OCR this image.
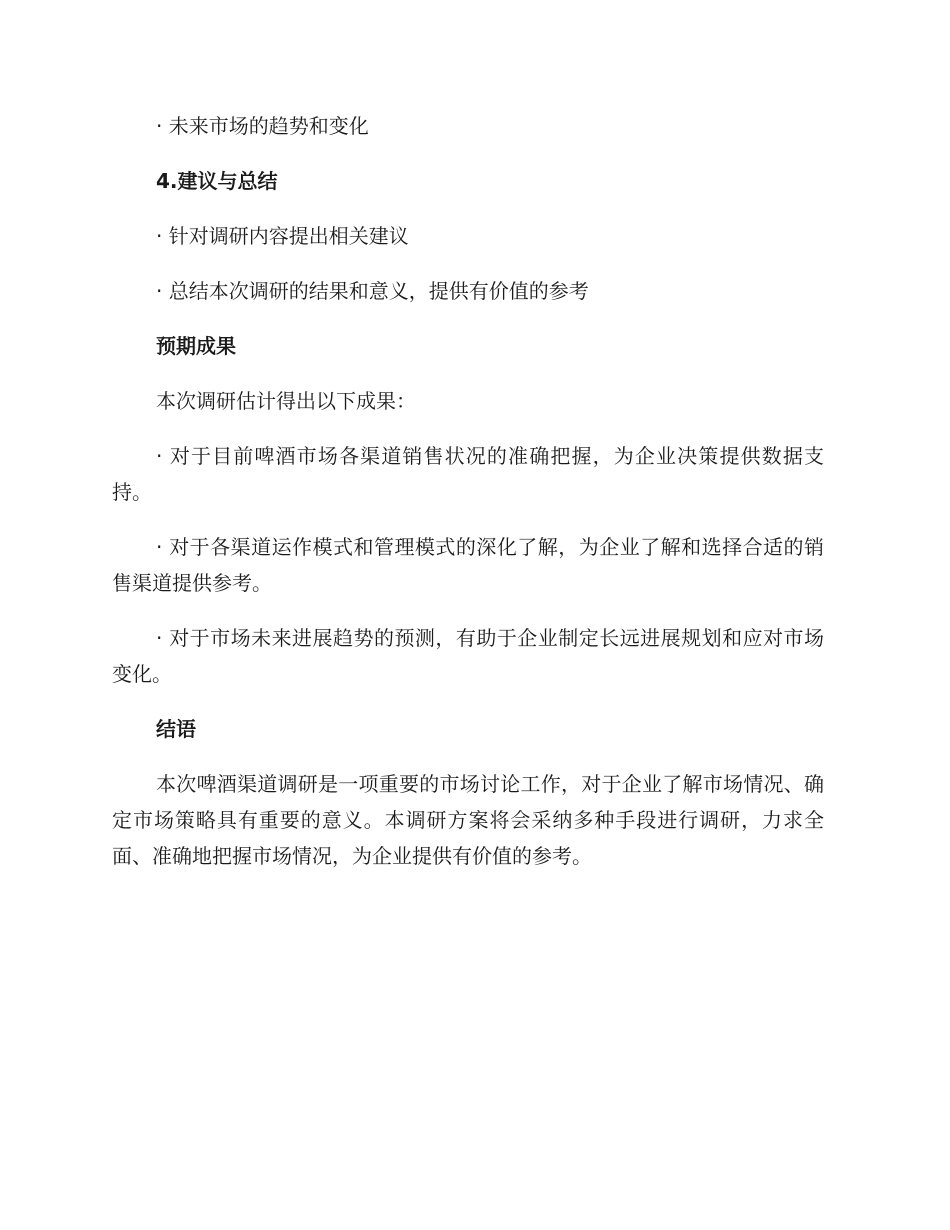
· 未来市场的趋势和变化

4.建议与总结

· 针对调研内容提出相关建议

· 总结本次调研的结果和意义，提供有价值的参考

预期成果

本次调研估计得出以下成果：

· 对于目前啤酒市场各渠道销售状况的准确把握，为企业决策提供数据支持。

· 对于各渠道运作模式和管理模式的深化了解，为企业了解和选择合适的销售渠道提供参考。

· 对于市场未来进展趋势的预测，有助于企业制定长远进展规划和应对市场变化。

结语

本次啤酒渠道调研是一项重要的市场讨论工作，对于企业了解市场情况、确定市场策略具有重要的意义。本调研方案将会采纳多种手段进行调研，力求全面、准确地把握市场情况，为企业提供有价值的参考。
